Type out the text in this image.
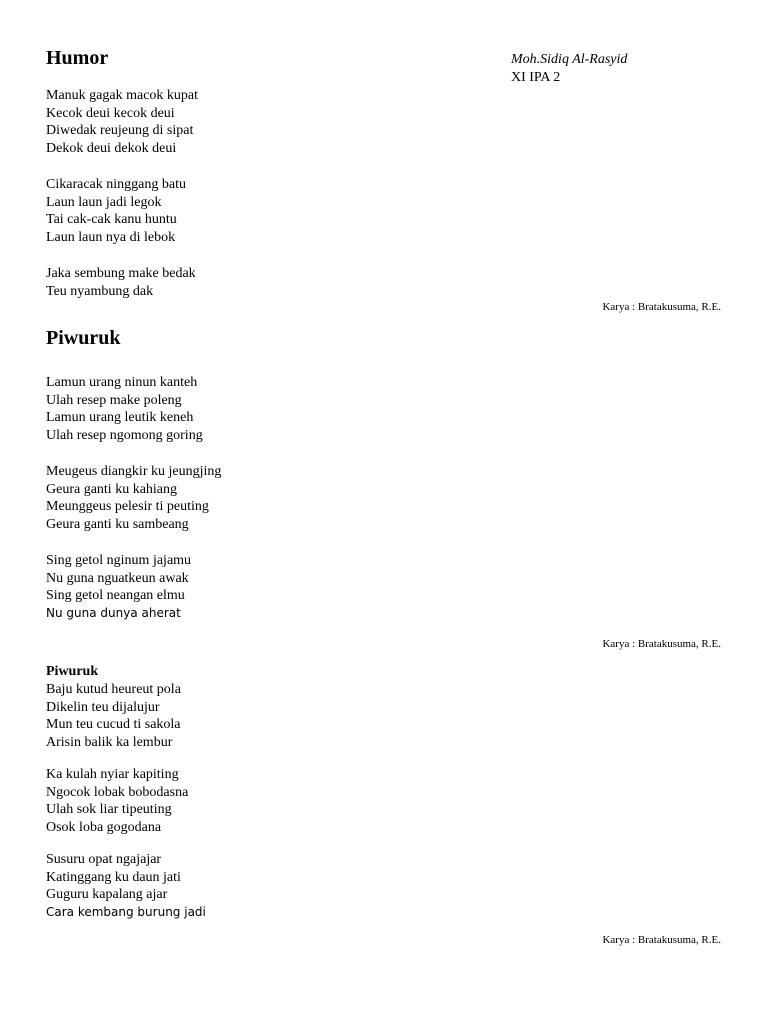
Moh.Sidiq Al-Rasyid
XI IPA 2
Humor
Manuk gagak macok kupat
Kecok deui kecok deui
Diwedak reujeung di sipat
Dekok deui dekok deui
Cikaracak ninggang batu
Laun laun jadi legok
Tai cak-cak kanu huntu
Laun laun nya di lebok
Jaka sembung make bedak
Teu nyambung dak
Karya : Bratakusuma, R.E.
Piwuruk
Lamun urang ninun kanteh
Ulah resep make poleng
Lamun urang leutik keneh
Ulah resep ngomong goring
Meugeus diangkir ku jeungjing
Geura ganti ku kahiang
Meunggeus pelesir ti peuting
Geura ganti ku sambeang
Sing getol nginum jajamu
Nu guna nguatkeun awak
Sing getol neangan elmu
Nu guna dunya aherat
Karya : Bratakusuma, R.E.
Piwuruk
Baju kutud heureut pola
Dikelin teu dijalujur
Mun teu cucud ti sakola
Arisin balik ka lembur
Ka kulah nyiar kapiting
Ngocok lobak bobodasna
Ulah sok liar tipeuting
Osok loba gogodana
Susuru opat ngajajar
Katinggang ku daun jati
Guguru kapalang ajar
Cara kembang burung jadi
Karya : Bratakusuma, R.E.
